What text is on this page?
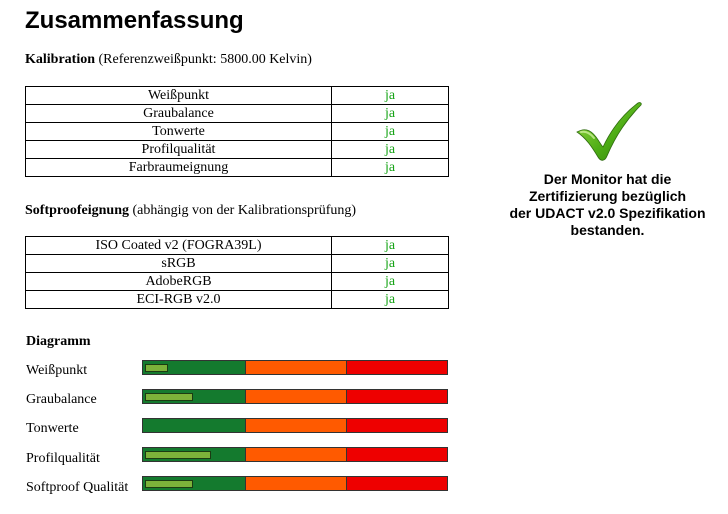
Zusammenfassung
Kalibration (Referenzweißpunkt: 5800.00 Kelvin)
Weißpunkt	ja
Graubalance	ja
Tonwerte	ja
Profilqualität	ja
Farbraumeignung	ja
Softproofeignung (abhängig von der Kalibrationsprüfung)
ISO Coated v2 (FOGRA39L)	ja
sRGB	ja
AdobeRGB	ja
ECI-RGB v2.0	ja
Der Monitor hat die
Zertifizierung bezüglich
der UDACT v2.0 Spezifikation
bestanden.
Diagramm
Weißpunkt
Graubalance
Tonwerte
Profilqualität
Softproof Qualität
